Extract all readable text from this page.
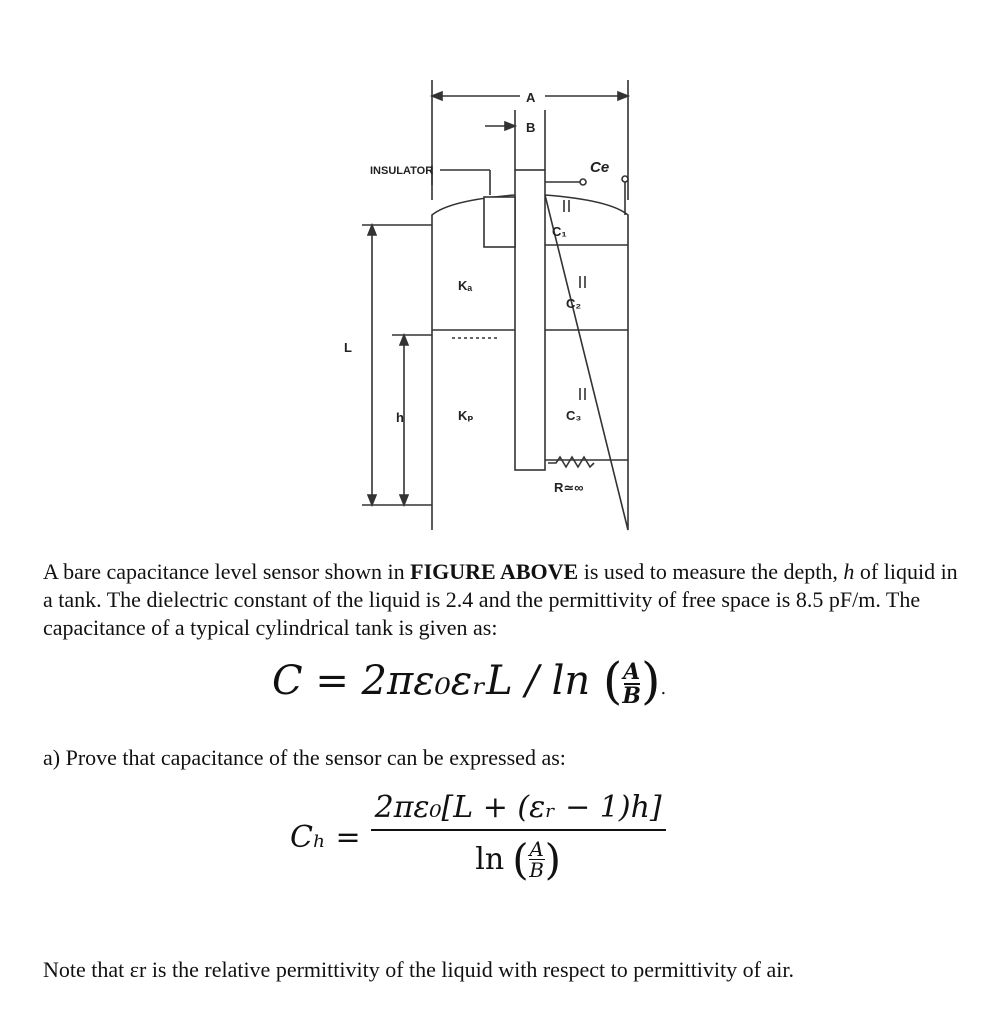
A
B
INSULATOR	Ce
C₁
C₂
C₃
Kₐ
Kₚ
L
h
R≃∞

A bare capacitance level sensor shown in FIGURE ABOVE is used to measure the depth, h of liquid in a tank. The dielectric constant of the liquid is 2.4 and the permittivity of free space is 8.5 pF/m. The capacitance of a typical cylindrical tank is given as:

C = 2πε₀εᵣL / ln ( $\frac{A}{B}$ ).

a) Prove that capacitance of the sensor can be expressed as:

Cₕ =
2πε₀[L + (εᵣ − 1)h]
ln ( A
B )

Note that εr is the relative permittivity of the liquid with respect to permittivity of air.
